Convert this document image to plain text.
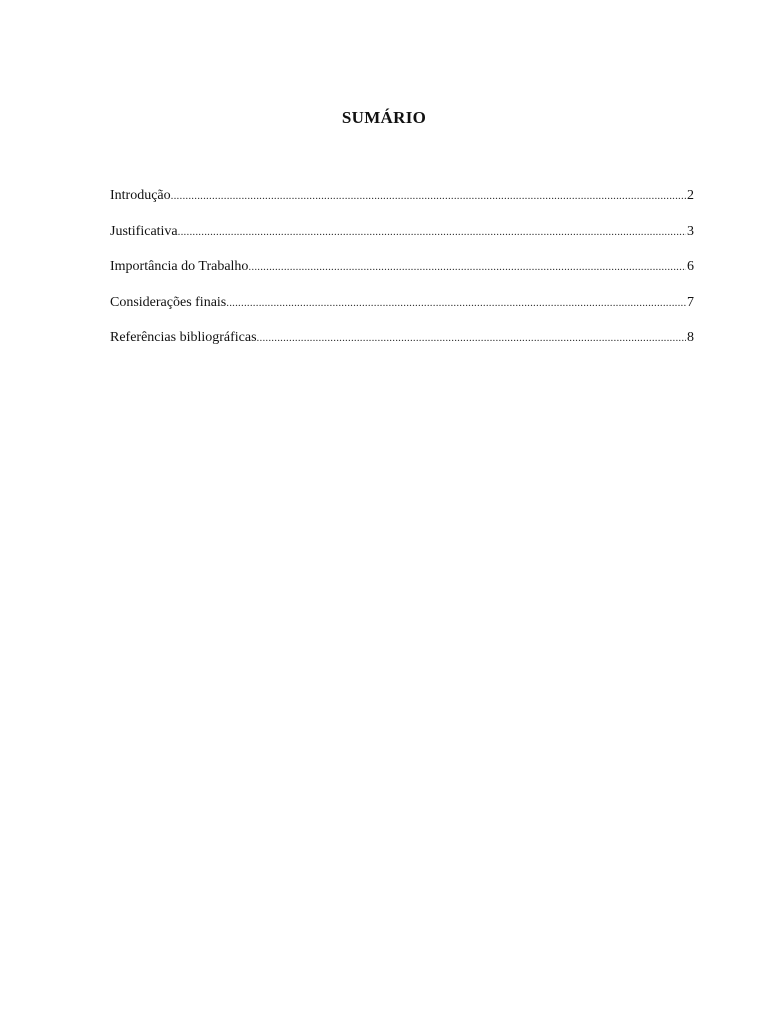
SUMÁRIO
Introdução .....	2
Justificativa .....	3
Importância do Trabalho .....	6
Considerações finais .....	7
Referências bibliográficas .....	8
